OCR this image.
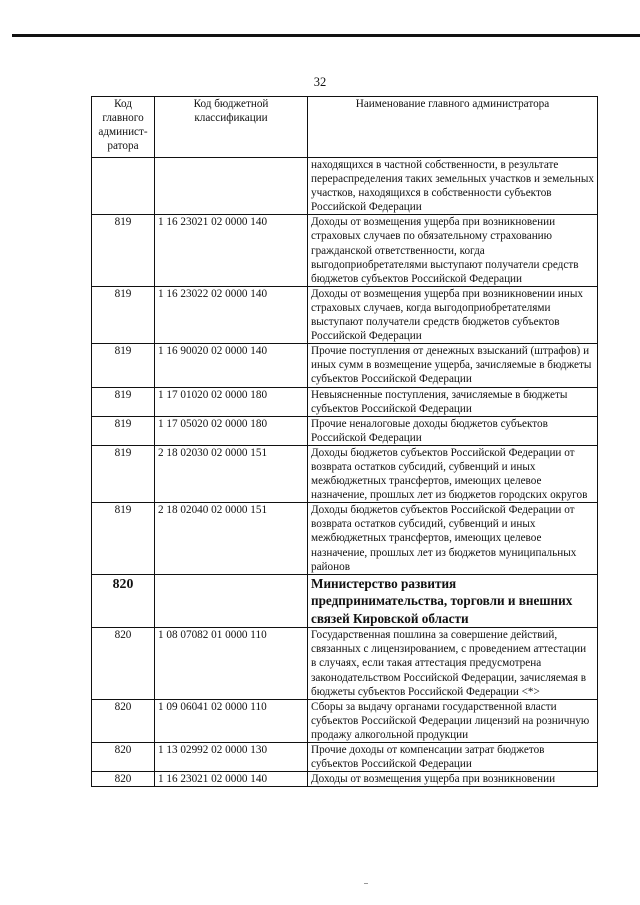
32
Код главного админист-ратора	Код бюджетной классификации	Наименование главного администратора
		находящихся в частной собственности, в результате перераспределения таких земельных участков и земельных участков, находящихся в собственности субъектов Российской Федерации
819	1 16 23021 02 0000 140	Доходы от возмещения ущерба при возникновении страховых случаев по обязательному страхованию гражданской ответственности, когда выгодоприобретателями выступают получатели средств бюджетов субъектов Российской Федерации
819	1 16 23022 02 0000 140	Доходы от возмещения ущерба при возникновении иных страховых случаев, когда выгодоприобретателями выступают получатели средств бюджетов субъектов Российской Федерации
819	1 16 90020 02 0000 140	Прочие поступления от денежных взысканий (штрафов) и иных сумм в возмещение ущерба, зачисляемые в бюджеты субъектов Российской Федерации
819	1 17 01020 02 0000 180	Невыясненные поступления, зачисляемые в бюджеты субъектов Российской Федерации
819	1 17 05020 02 0000 180	Прочие неналоговые доходы бюджетов субъектов Российской Федерации
819	2 18 02030 02 0000 151	Доходы бюджетов субъектов Российской Федерации от возврата остатков субсидий, субвенций и иных межбюджетных трансфертов, имеющих целевое назначение, прошлых лет из бюджетов городских округов
819	2 18 02040 02 0000 151	Доходы бюджетов субъектов Российской Федерации от возврата остатков субсидий, субвенций и иных межбюджетных трансфертов, имеющих целевое назначение, прошлых лет из бюджетов муниципальных районов
820		Министерство развития предпринимательства, торговли и внешних связей Кировской области
820	1 08 07082 01 0000 110	Государственная пошлина за совершение действий, связанных с лицензированием, с проведением аттестации в случаях, если такая аттестация предусмотрена законодательством Российской Федерации, зачисляемая в бюджеты субъектов Российской Федерации <*>
820	1 09 06041 02 0000 110	Сборы за выдачу органами государственной власти субъектов Российской Федерации лицензий на розничную продажу алкогольной продукции
820	1 13 02992 02 0000 130	Прочие доходы от компенсации затрат бюджетов субъектов Российской Федерации
820	1 16 23021 02 0000 140	Доходы от возмещения ущерба при возникновении
